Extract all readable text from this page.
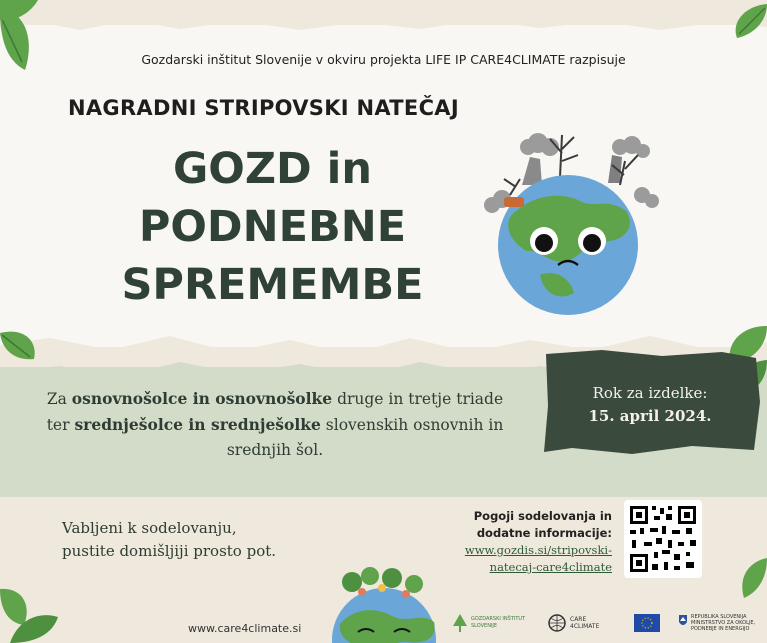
Gozdarski inštitut Slovenije v okviru projekta LIFE IP CARE4CLIMATE razpisuje
NAGRADNI STRIPOVSKI NATEČAJ
GOZD in
PODNEBNE
SPREMEMBE
Za osnovnošolce in osnovnošolke druge in tretje triade ter srednješolce in srednješolke slovenskih osnovnih in srednjih šol.
Rok za izdelke:
15. april 2024.
Vabljeni k sodelovanju,
pustite domišljiji prosto pot.
Pogoji sodelovanja in
dodatne informacije:
www.gozdis.si/stripovski-
natecaj-care4climate
www.care4climate.si
GOZDARSKI INŠTITUT SLOVENIJE
CARE 4CLIMATE
REPUBLIKA SLOVENIJA
MINISTRSTVO ZA OKOLJE,
PODNEBJE IN ENERGIJO
